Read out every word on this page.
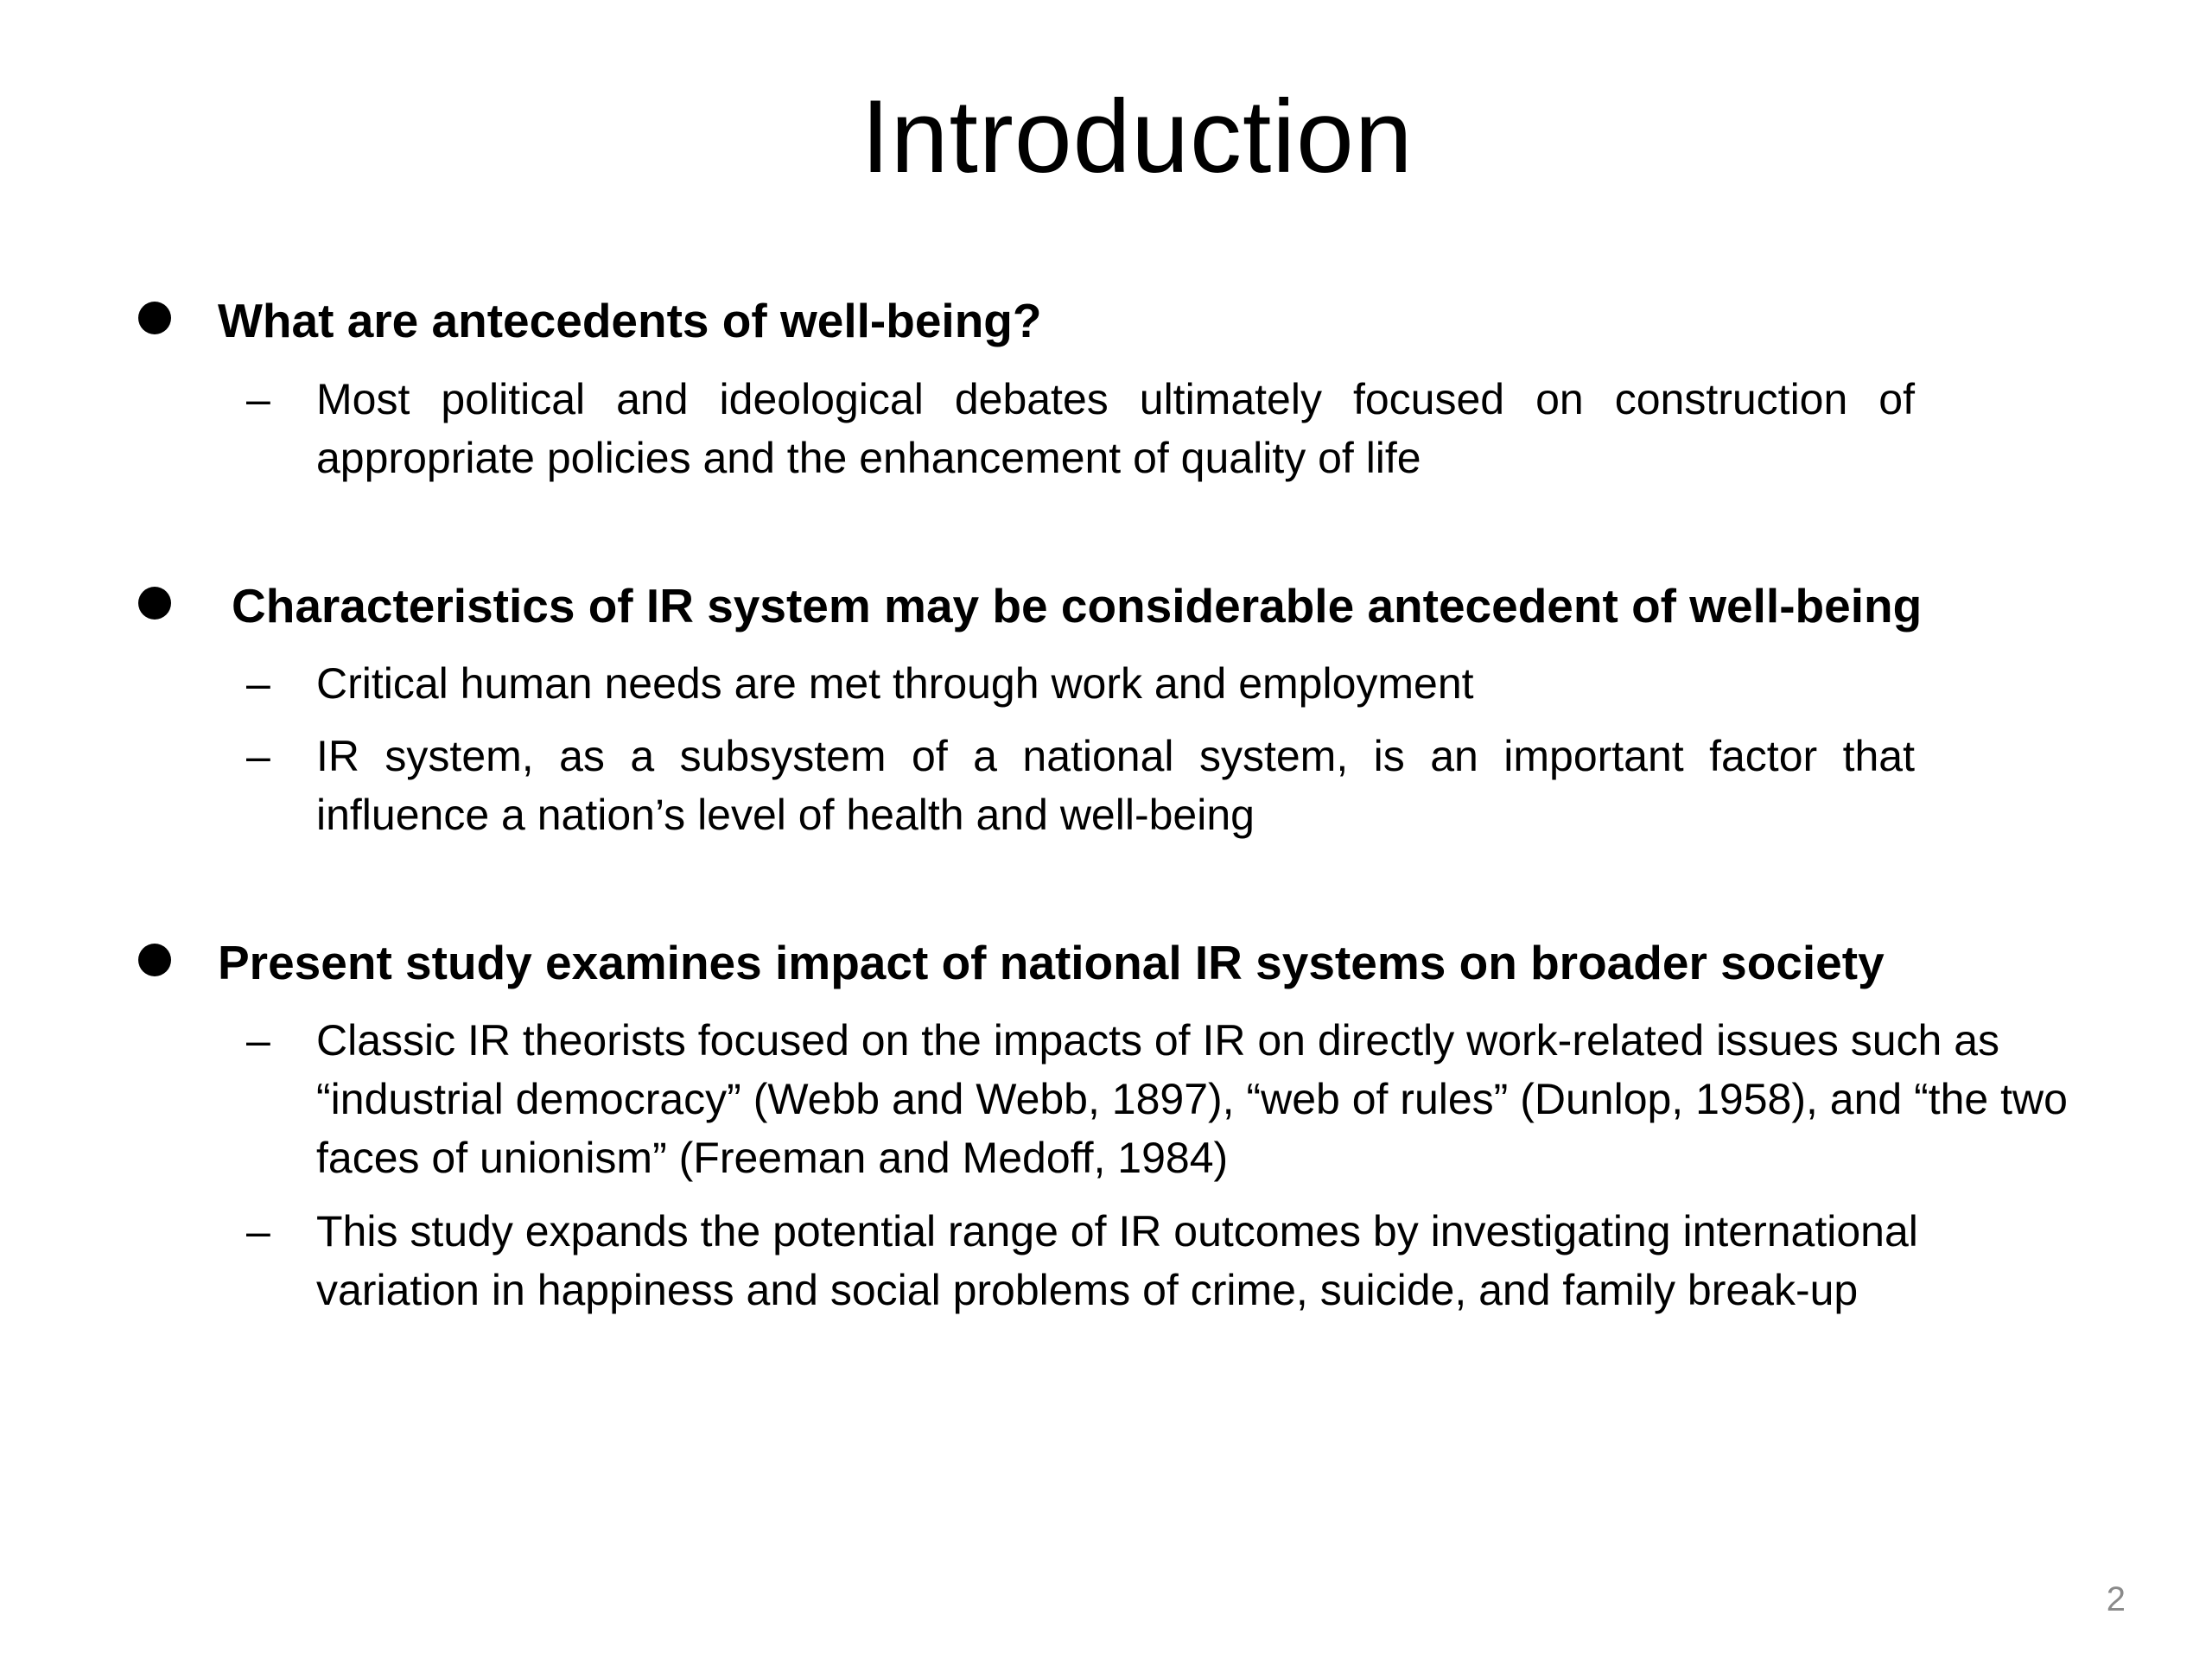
Introduction
What are antecedents of well-being?
– Most political and ideological debates ultimately focused on construction of appropriate policies and the enhancement of quality of life
Characteristics of IR system may be considerable antecedent of well-being
– Critical human needs are met through work and employment
– IR system, as a subsystem of a national system, is an important factor that influence a nation’s level of health and well-being
Present study examines impact of national IR systems on broader society
– Classic IR theorists focused on the impacts of IR on directly work-related issues such as “industrial democracy” (Webb and Webb, 1897), “web of rules” (Dunlop, 1958), and “the two faces of unionism” (Freeman and Medoff, 1984)
– This study expands the potential range of IR outcomes by investigating international variation in happiness and social problems of crime, suicide, and family break-up
2
